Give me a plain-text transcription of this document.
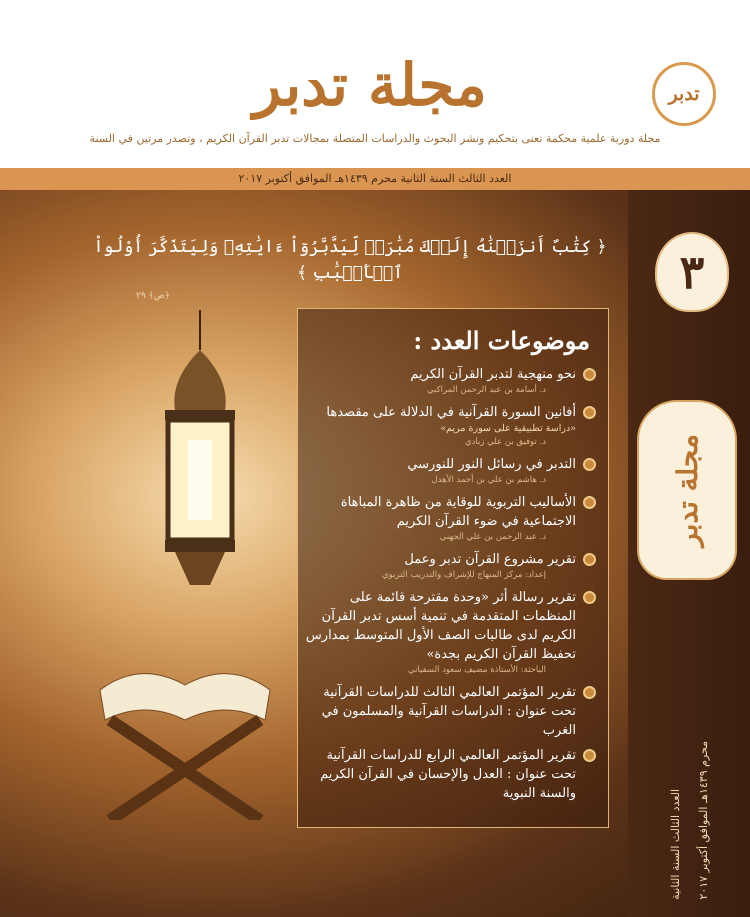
مجلة تدبر	تدبر
مجلة دورية علمية محكمة تعنى بتحكيم ونشر البحوث والدراسات المتصلة بمجالات تدبر القرآن الكريم ، وتصدر مرتين في السنة
العدد الثالث السنة الثانية محرم ١٤٣٩هـ الموافق أكتوبر ٢٠١٧
﴿ كِتَٰبٌ أَنزَلۡنَٰهُ إِلَيۡكَ مُبَٰرَكٞ لِّيَدَّبَّرُوٓاْ ءَايَٰتِهِۦ وَلِيَتَذَكَّرَ أُوْلُواْ ٱلۡأَلۡبَٰبِ ﴾
﴿ص﴾ ٢٩	٣
مجلة تدبر
العدد الثالث السنة الثانية محرم ١٤٣٩هـ الموافق أكتوبر ٢٠١٧
موضوعات العدد :
نحو منهجية لتدبر القرآن الكريم
د. أسامة بن عبد الرحمن المراكبي
أفانين السورة القرآنية في الدلالة على مقصدها
«دراسة تطبيقية على سورة مريم»
د. توفيق بن علي زبادي
التدبر في رسائل النور للنورسي
د. هاشم بن علي بن أحمد الأهدل
الأساليب التربوية للوقاية من ظاهرة المباهاة الاجتماعية في ضوء القرآن الكريم
د. عبد الرحمن بن علي الجهني
تقرير مشروع القرآن تدبر وعمل
إعداد: مركز المنهاج للإشراف والتدريب التربوي
تقرير رسالة أثر «وحدة مقترحة قائمة على المنظمات المتقدمة في تنمية أسس تدبر القرآن الكريم لدى طالبات الصف الأول المتوسط بمدارس تحفيظ القرآن الكريم بجدة»
الباحثة: الأستاذة مضيف سعود السفياني
تقرير المؤتمر العالمي الثالث للدراسات القرآنية تحت عنوان : الدراسات القرآنية والمسلمون في الغرب
تقرير المؤتمر العالمي الرابع للدراسات القرآنية تحت عنوان : العدل والإحسان في القرآن الكريم والسنة النبوية
